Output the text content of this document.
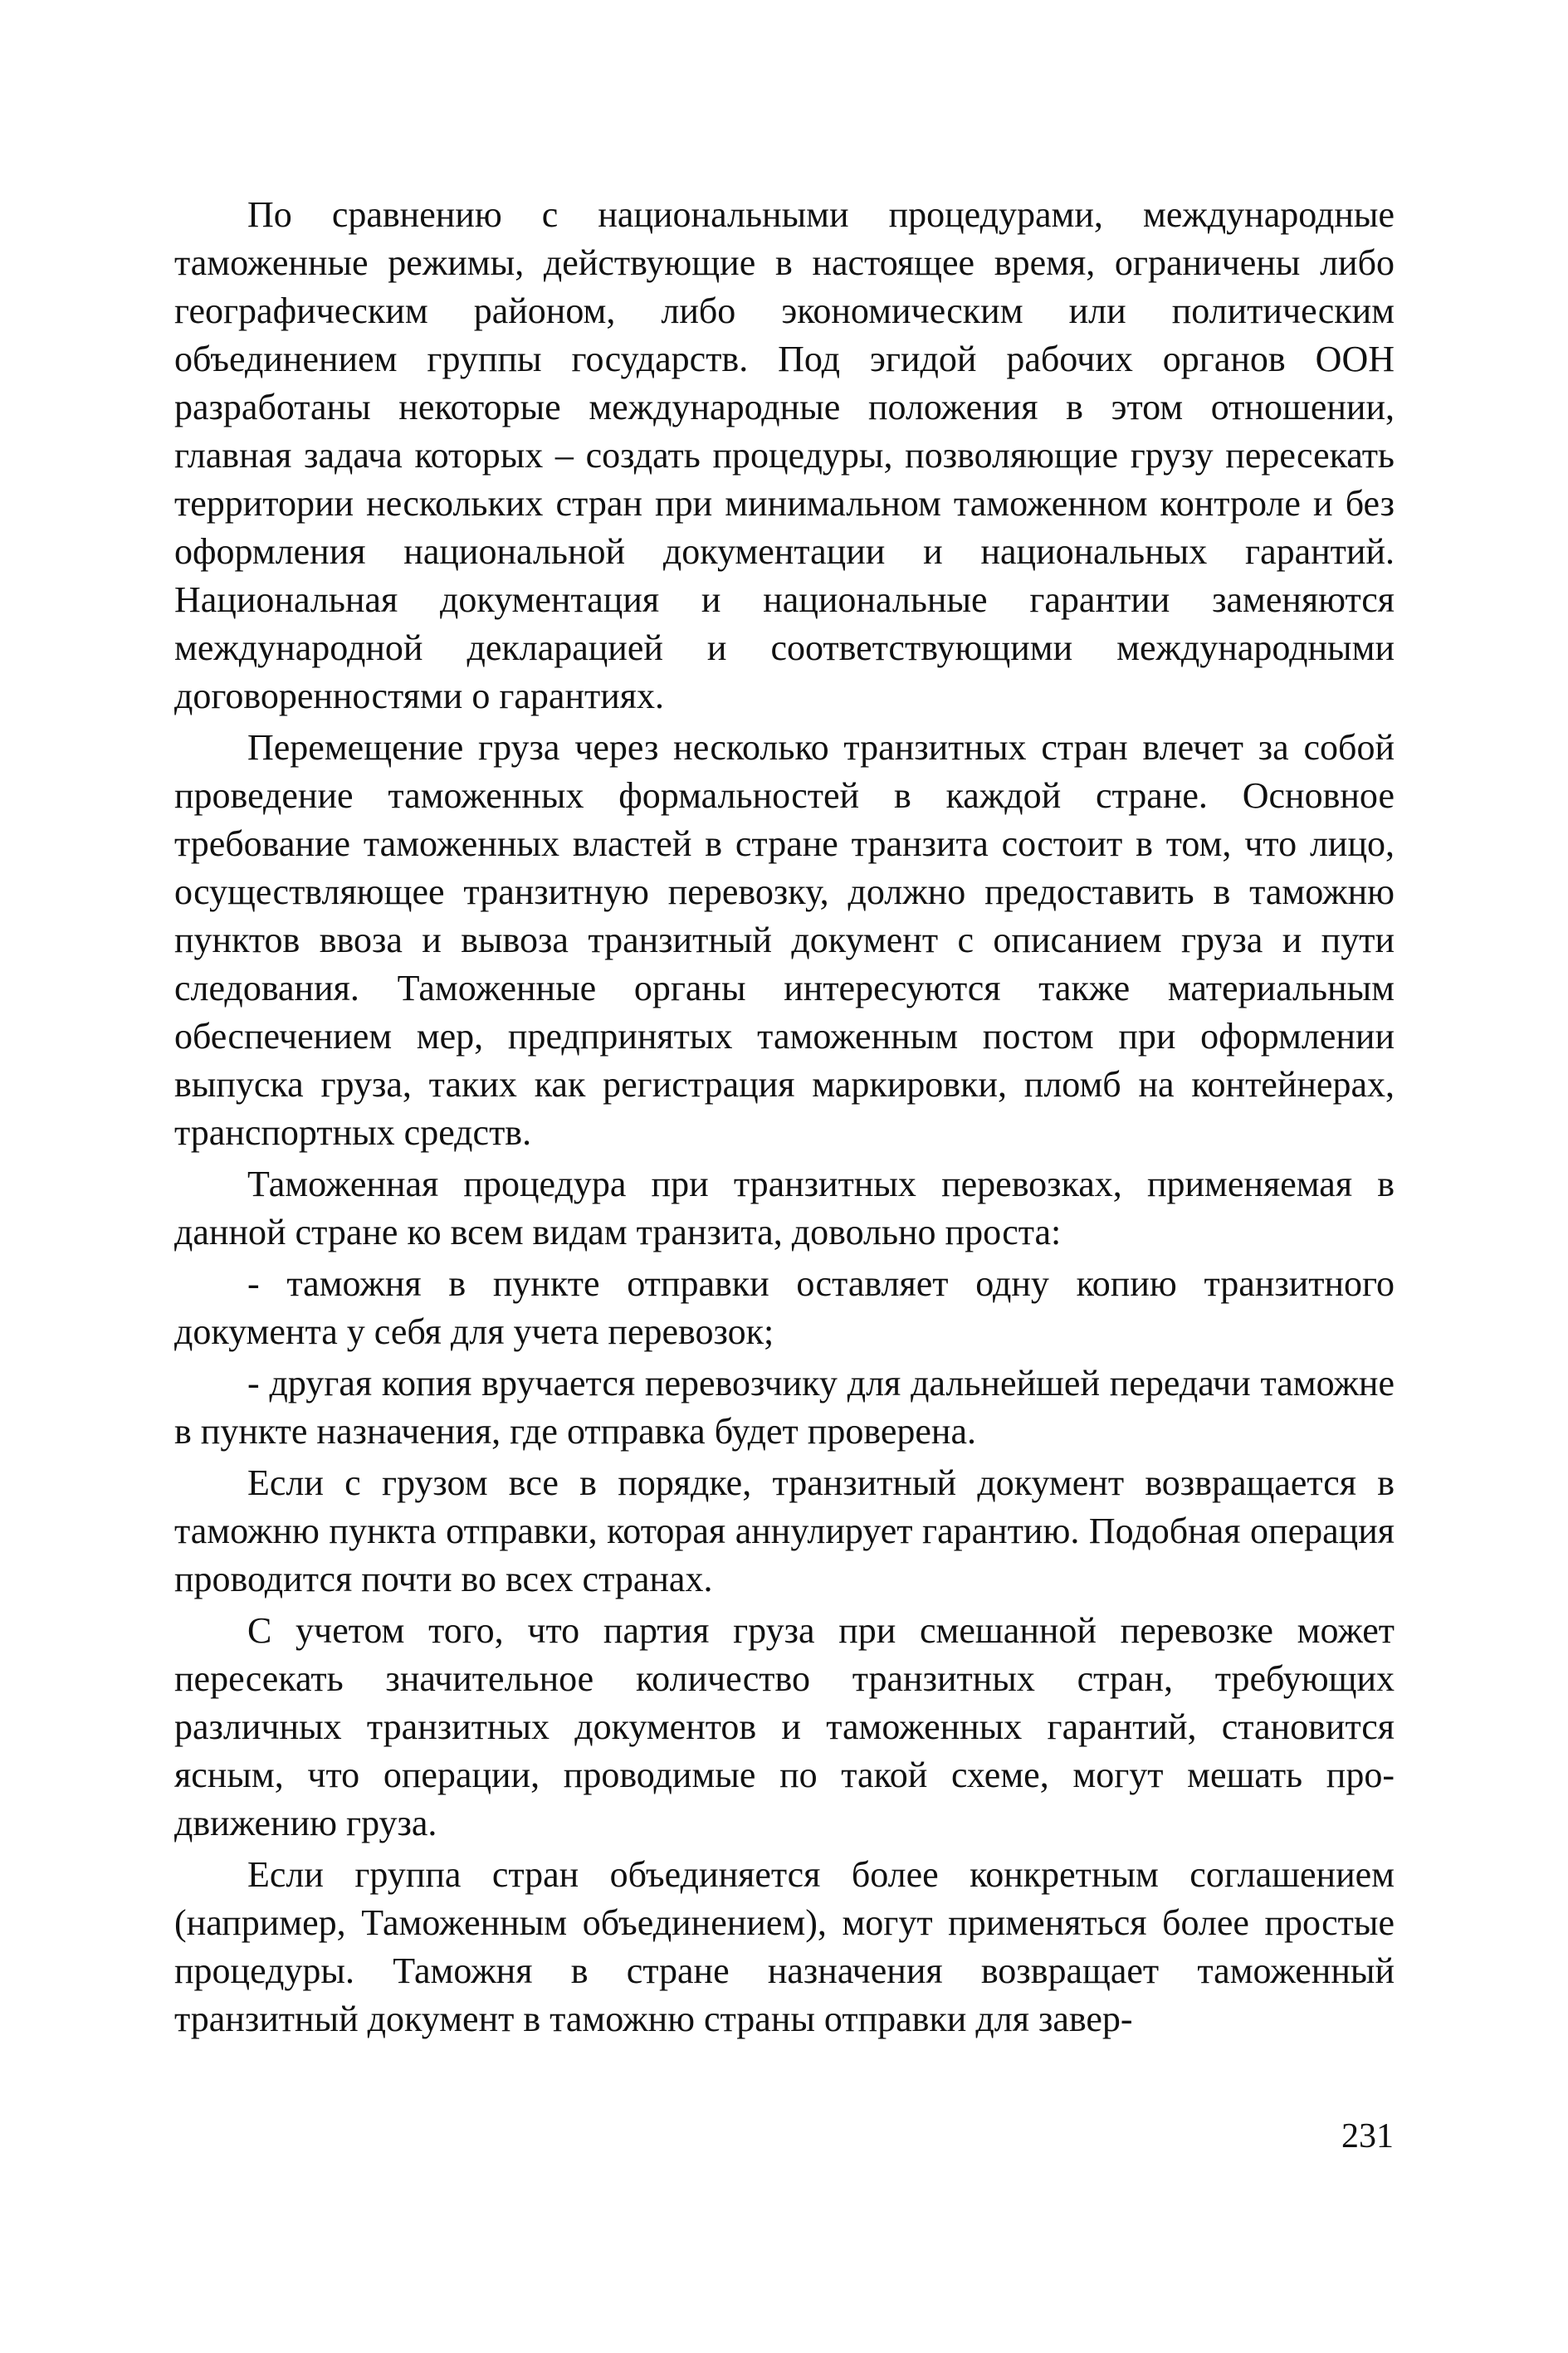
По сравнению с национальными процедурами, международные таможенные режимы, действующие в настоящее время, ограничены либо географическим районом, либо экономическим или политическим объединением группы государств. Под эгидой рабочих органов ООН разработаны некоторые международные положения в этом отношении, главная задача которых – создать процедуры, позволяющие грузу пересекать территории нескольких стран при минимальном таможенном контроле и без оформления национальной документации и национальных гарантий. Национальная документация и национальные гарантии заменяются международной декларацией и соответствующими международными договоренностями о гарантиях.

Перемещение груза через несколько транзитных стран влечет за собой проведение таможенных формальностей в каждой стране. Основное требование таможенных властей в стране транзита состоит в том, что лицо, осуществляющее транзитную перевозку, должно предоставить в таможню пунктов ввоза и вывоза транзитный документ с описанием груза и пути следования. Таможенные органы интересуются также материальным обеспечением мер, предпринятых таможенным постом при оформлении выпуска груза, таких как регистрация маркировки, пломб на контейнерах, транспортных средств.

Таможенная процедура при транзитных перевозках, применяемая в данной стране ко всем видам транзита, довольно проста:

- таможня в пункте отправки оставляет одну копию транзитного документа у себя для учета перевозок;

- другая копия вручается перевозчику для дальнейшей передачи таможне в пункте назначения, где отправка будет проверена.

Если с грузом все в порядке, транзитный документ возвращается в таможню пункта отправки, которая аннулирует гарантию. Подобная операция проводится почти во всех странах.

С учетом того, что партия груза при смешанной перевозке может пересекать значительное количество транзитных стран, требующих различных транзитных документов и таможенных гарантий, становится ясным, что операции, проводимые по такой схеме, могут мешать продвижению груза.

Если группа стран объединяется более конкретным соглашением (например, Таможенным объединением), могут применяться более простые процедуры. Таможня в стране назначения возвращает таможенный транзитный документ в таможню страны отправки для завер-

231
